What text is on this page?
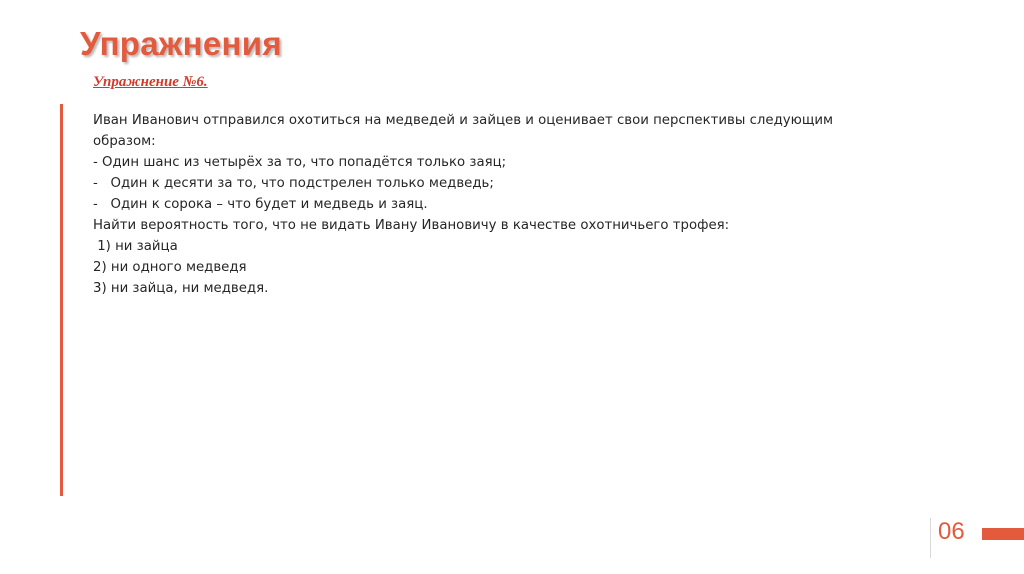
Упражнения
Упражнение №6.

Иван Иванович отправился охотиться на медведей и зайцев и оценивает свои перспективы следующим

образом:

- Один шанс из четырёх за то, что попадётся только заяц;

-   Один к десяти за то, что подстрелен только медведь;

-   Один к сорока – что будет и медведь и заяц.

Найти вероятность того, что не видать Ивану Ивановичу в качестве охотничьего трофея:

1) ни зайца

2) ни одного медведя

3) ни зайца, ни медведя.

06
